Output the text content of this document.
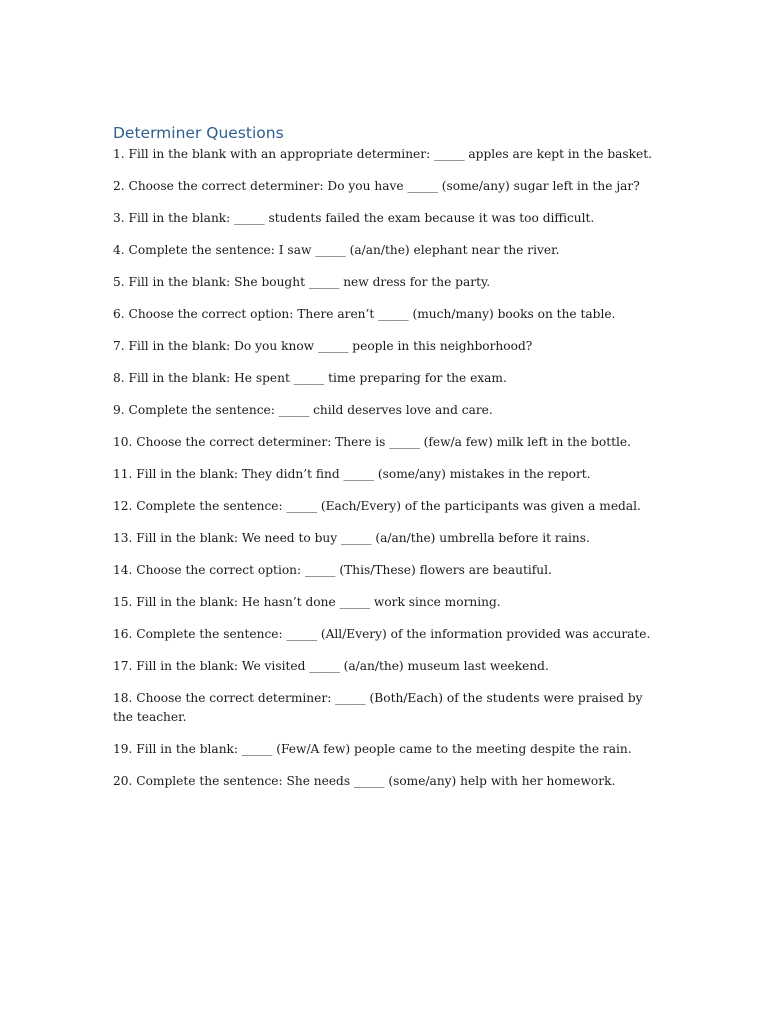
Determiner Questions

1. Fill in the blank with an appropriate determiner: _____ apples are kept in the basket.

2. Choose the correct determiner: Do you have _____ (some/any) sugar left in the jar?

3. Fill in the blank: _____ students failed the exam because it was too difficult.

4. Complete the sentence: I saw _____ (a/an/the) elephant near the river.

5. Fill in the blank: She bought _____ new dress for the party.

6. Choose the correct option: There aren’t _____ (much/many) books on the table.

7. Fill in the blank: Do you know _____ people in this neighborhood?

8. Fill in the blank: He spent _____ time preparing for the exam.

9. Complete the sentence: _____ child deserves love and care.

10. Choose the correct determiner: There is _____ (few/a few) milk left in the bottle.

11. Fill in the blank: They didn’t find _____ (some/any) mistakes in the report.

12. Complete the sentence: _____ (Each/Every) of the participants was given a medal.

13. Fill in the blank: We need to buy _____ (a/an/the) umbrella before it rains.

14. Choose the correct option: _____ (This/These) flowers are beautiful.

15. Fill in the blank: He hasn’t done _____ work since morning.

16. Complete the sentence: _____ (All/Every) of the information provided was accurate.

17. Fill in the blank: We visited _____ (a/an/the) museum last weekend.

18. Choose the correct determiner: _____ (Both/Each) of the students were praised by the teacher.

19. Fill in the blank: _____ (Few/A few) people came to the meeting despite the rain.

20. Complete the sentence: She needs _____ (some/any) help with her homework.
